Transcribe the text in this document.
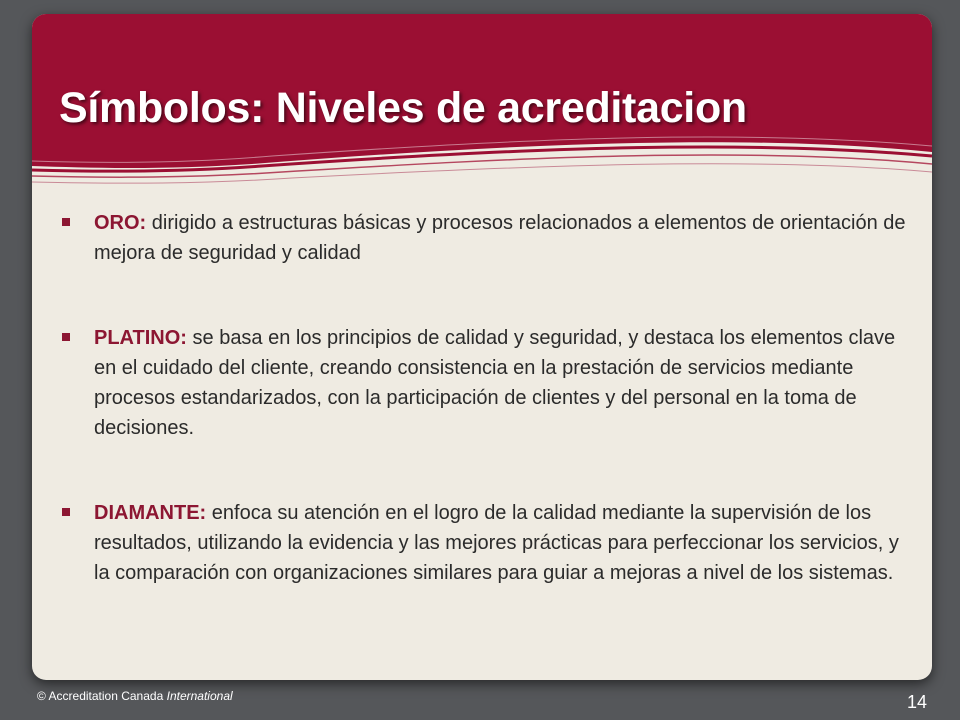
Símbolos: Niveles de acreditacion
ORO: dirigido a estructuras básicas y procesos relacionados a elementos de orientación de mejora de seguridad y calidad
PLATINO: se basa en los principios de calidad y seguridad, y destaca los elementos clave en el cuidado del cliente, creando consistencia en la prestación de servicios mediante procesos estandarizados, con la participación de clientes y del personal en la toma de decisiones.
DIAMANTE: enfoca su atención en el logro de la calidad mediante la supervisión de los resultados, utilizando la evidencia y las mejores prácticas para perfeccionar los servicios, y la comparación con organizaciones similares para guiar a mejoras a nivel de los sistemas.
© Accreditation Canada International	14
